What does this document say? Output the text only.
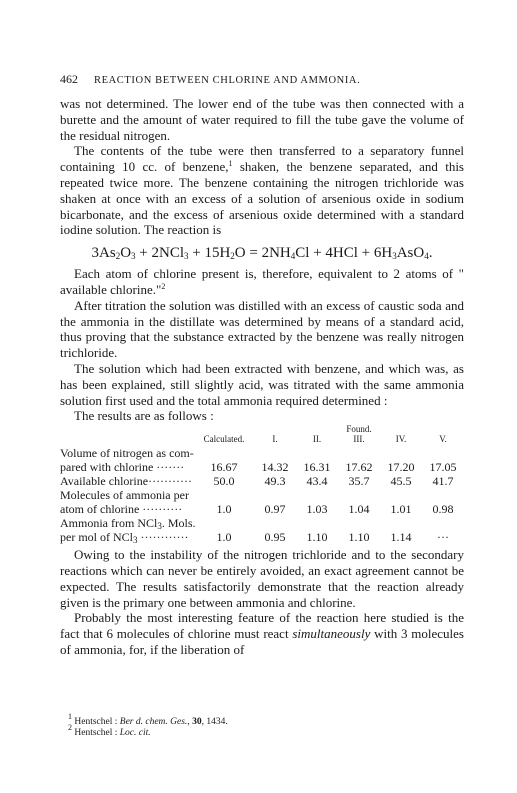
462 REACTION BETWEEN CHLORINE AND AMMONIA.

was not determined. The lower end of the tube was then connected with a burette and the amount of water required to fill the tube gave the volume of the residual nitrogen.

The contents of the tube were then transferred to a separatory funnel containing 10 cc. of benzene,$^1$ shaken, the benzene separated, and this repeated twice more. The benzene containing the nitrogen trichloride was shaken at once with an excess of a solution of arsenious oxide in sodium bicarbonate, and the excess of arsenious oxide determined with a standard iodine solution. The reaction is

$3As_2O_3 + 2NCl_3 + 15H_2O = 2NH_4Cl + 4HCl + 6H_3AsO_4$.

Each atom of chlorine present is, therefore, equivalent to 2 atoms of " available chlorine."$^2$

After titration the solution was distilled with an excess of caustic soda and the ammonia in the distillate was determined by means of a standard acid, thus proving that the substance extracted by the benzene was really nitrogen trichloride.

The solution which had been extracted with benzene, and which was, as has been explained, still slightly acid, was titrated with the same ammonia solution first used and the total ammonia required determined :

The results are as follows :

				Found.		
	Calculated.	I.	II.	III.	IV.	V.
Volume of nitrogen as com-						
pared with chlorine ·······	16.67	14.32	16.31	17.62	17.20	17.05
Available chlorine···········	50.0	49.3	43.4	35.7	45.5	41.7
Molecules of ammonia per						
atom of chlorine ··········	1.0	0.97	1.03	1.04	1.01	0.98
Ammonia from NCl$_3$. Mols.						
per mol of NCl$_3$ ············	1.0	0.95	1.10	1.10	1.14	···

Owing to the instability of the nitrogen trichloride and to the secondary reactions which can never be entirely avoided, an exact agreement cannot be expected. The results satisfactorily demonstrate that the reaction already given is the primary one between ammonia and chlorine.

Probably the most interesting feature of the reaction here studied is the fact that 6 molecules of chlorine must react simultaneously with 3 molecules of ammonia, for, if the liberation of

$^1$ Hentschel : Ber d. chem. Ges., 30, 1434.
$^2$ Hentschel : Loc. cit.
